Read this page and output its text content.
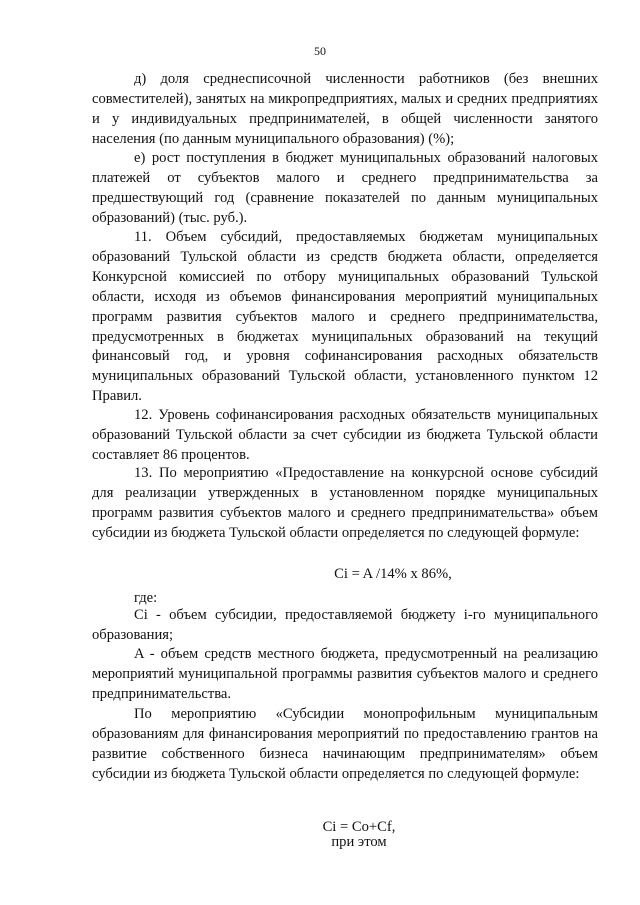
50

д) доля среднесписочной численности работников (без внешних совместителей), занятых на микропредприятиях, малых и средних предприятиях и у индивидуальных предпринимателей, в общей численности занятого населения (по данным муниципального образования) (%);

е) рост поступления в бюджет муниципальных образований налоговых платежей от субъектов малого и среднего предпринимательства за предшествующий год (сравнение показателей по данным муниципальных образований) (тыс. руб.).

11. Объем субсидий, предоставляемых бюджетам муниципальных образований Тульской области из средств бюджета области, определяется Конкурсной комиссией по отбору муниципальных образований Тульской области, исходя из объемов финансирования мероприятий муниципальных программ развития субъектов малого и среднего предпринимательства, предусмотренных в бюджетах муниципальных образований на текущий финансовый год, и уровня софинансирования расходных обязательств муниципальных образований Тульской области, установленного пунктом 12 Правил.

12. Уровень софинансирования расходных обязательств муниципальных образований Тульской области за счет субсидии из бюджета Тульской области составляет 86 процентов.

13. По мероприятию «Предоставление на конкурсной основе субсидий для реализации утвержденных в установленном порядке муниципальных программ развития субъектов малого и среднего предпринимательства» объем субсидии из бюджета Тульской области определяется по следующей формуле:

Ci = A /14% x 86%,

где:

Ci - объем субсидии, предоставляемой бюджету i-го муниципального образования;

A - объем средств местного бюджета, предусмотренный на реализацию мероприятий муниципальной программы развития субъектов малого и среднего предпринимательства.

По мероприятию «Субсидии монопрофильным муниципальным образованиям для финансирования мероприятий по предоставлению грантов на развитие собственного бизнеса начинающим предпринимателям» объем субсидии из бюджета Тульской области определяется по следующей формуле:

Ci = Co+Cf,
при этом
